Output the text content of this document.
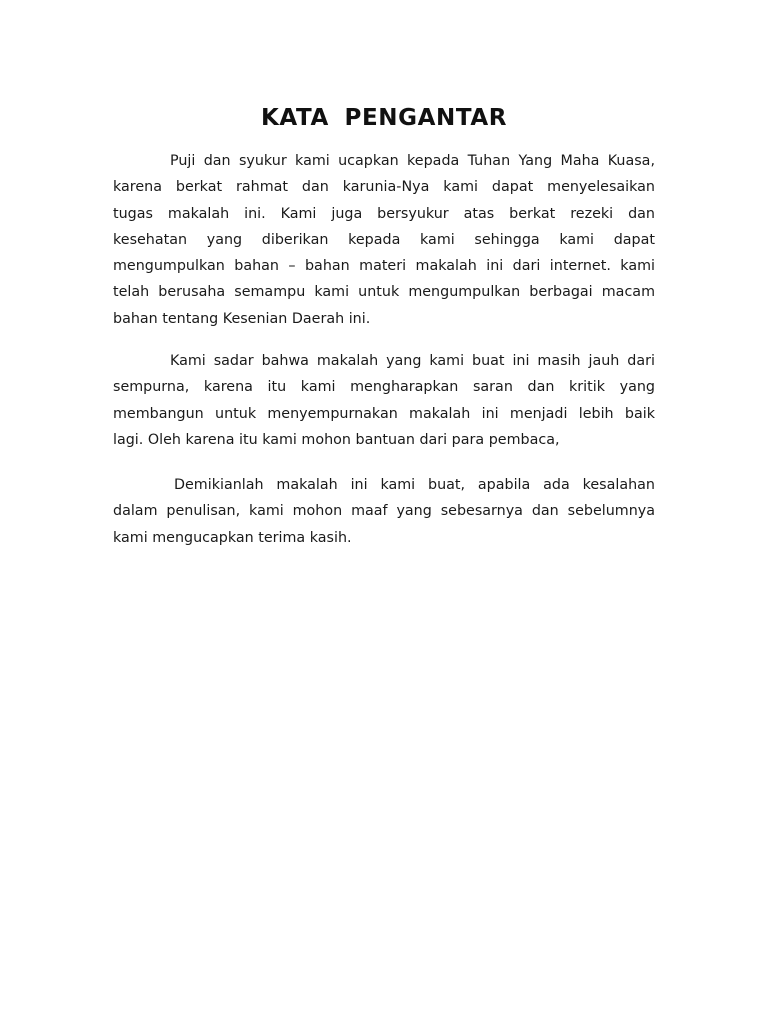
KATA PENGANTAR
Puji dan syukur kami ucapkan kepada Tuhan Yang Maha Kuasa,
karena berkat rahmat dan karunia-Nya kami dapat menyelesaikan
tugas makalah ini. Kami juga bersyukur atas berkat rezeki dan
kesehatan yang diberikan kepada kami sehingga kami dapat
mengumpulkan bahan – bahan materi makalah ini dari internet. kami
telah berusaha semampu kami untuk mengumpulkan berbagai macam
bahan tentang Kesenian Daerah ini.
Kami sadar bahwa makalah yang kami buat ini masih jauh dari
sempurna, karena itu kami mengharapkan saran dan kritik yang
membangun untuk menyempurnakan makalah ini menjadi lebih baik
lagi. Oleh karena itu kami mohon bantuan dari para pembaca,
Demikianlah makalah ini kami buat, apabila ada kesalahan
dalam penulisan, kami mohon maaf yang sebesarnya dan sebelumnya
kami mengucapkan terima kasih.
